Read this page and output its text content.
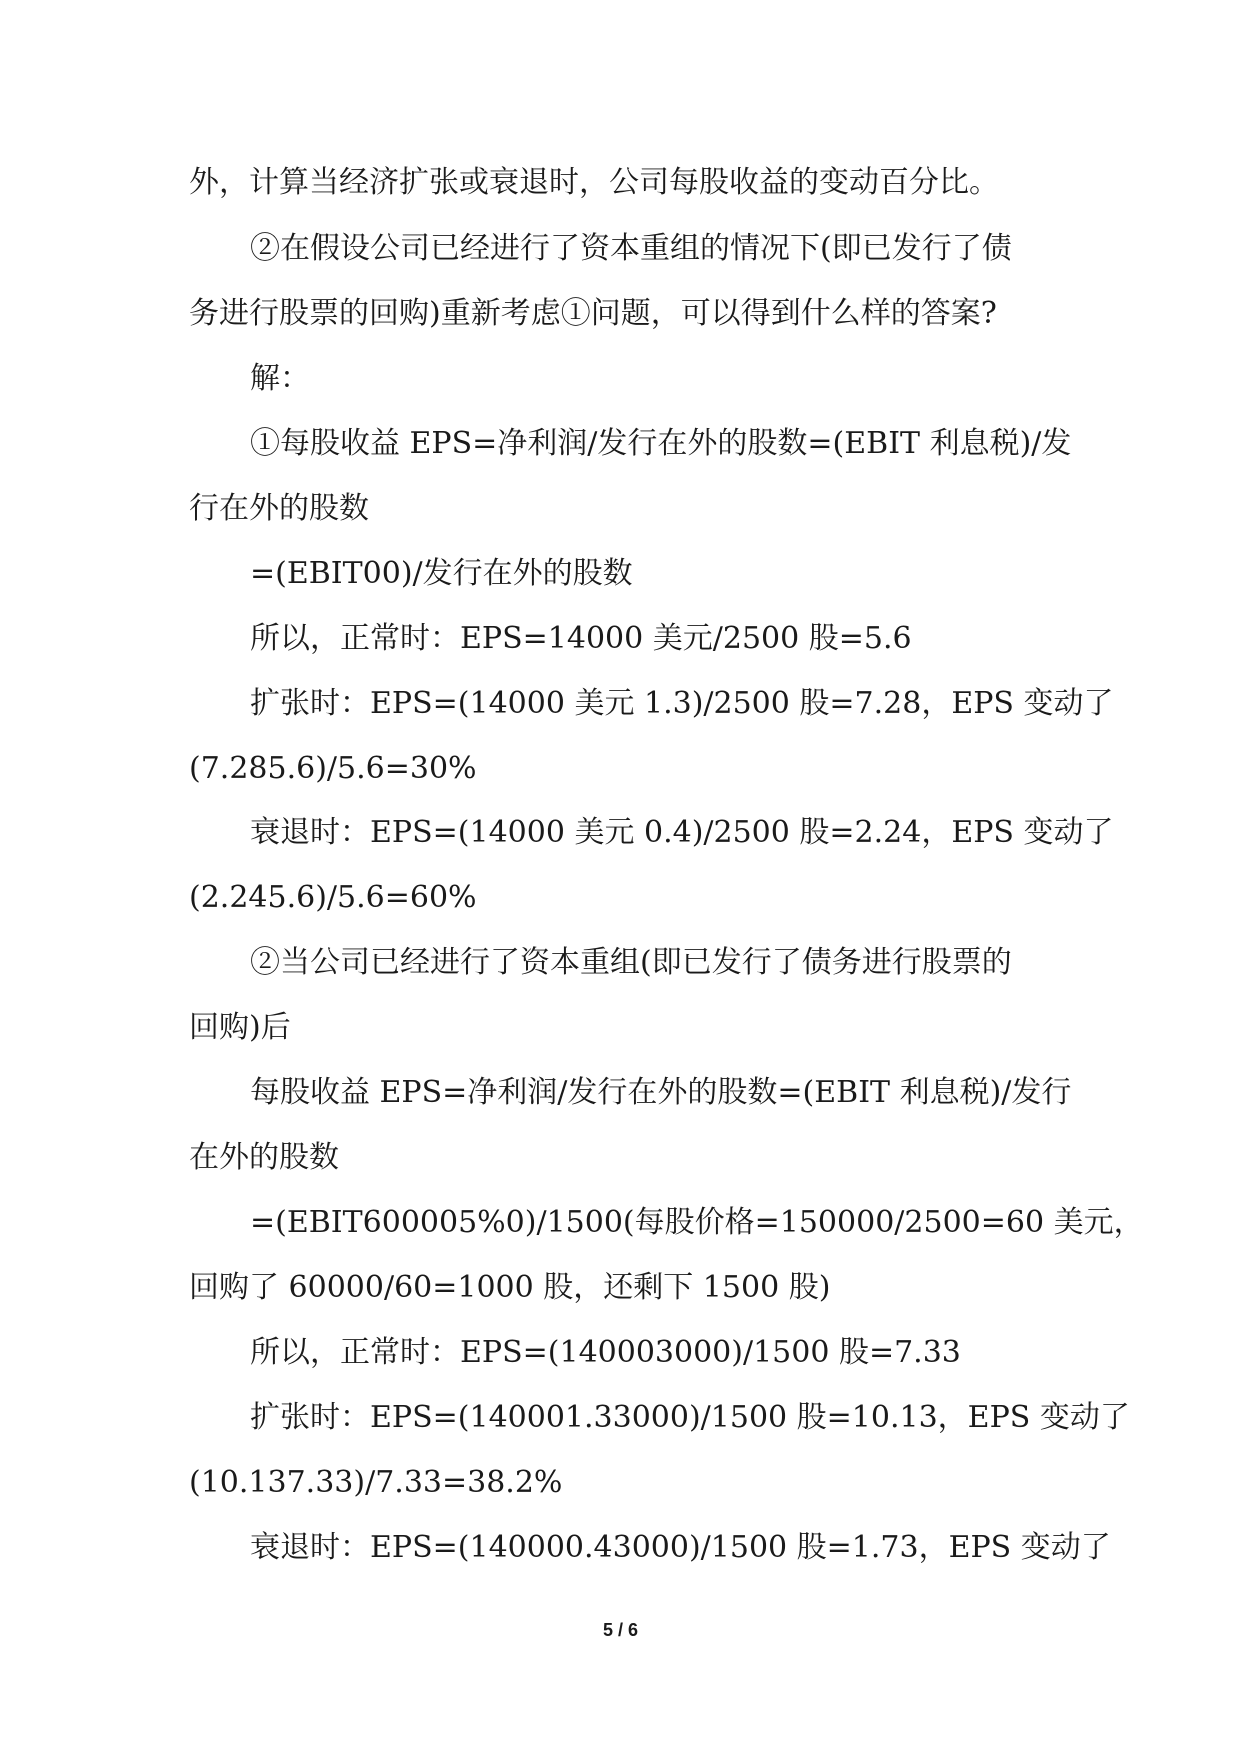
外，计算当经济扩张或衰退时，公司每股收益的变动百分比。
②在假设公司已经进行了资本重组的情况下(即已发行了债
务进行股票的回购)重新考虑①问题，可以得到什么样的答案?
解：
①每股收益 EPS=净利润/发行在外的股数=(EBIT 利息税)/发
行在外的股数
=(EBIT00)/发行在外的股数
所以，正常时：EPS=14000 美元/2500 股=5.6
扩张时：EPS=(14000 美元 1.3)/2500 股=7.28，EPS 变动了
(7.285.6)/5.6=30%
衰退时：EPS=(14000 美元 0.4)/2500 股=2.24，EPS 变动了
(2.245.6)/5.6=60%
②当公司已经进行了资本重组(即已发行了债务进行股票的
回购)后
每股收益 EPS=净利润/发行在外的股数=(EBIT 利息税)/发行
在外的股数
=(EBIT600005%0)/1500(每股价格=150000/2500=60 美元，
回购了 60000/60=1000 股，还剩下 1500 股)
所以，正常时：EPS=(140003000)/1500 股=7.33
扩张时：EPS=(140001.33000)/1500 股=10.13，EPS 变动了
(10.137.33)/7.33=38.2%
衰退时：EPS=(140000.43000)/1500 股=1.73，EPS 变动了
5 / 6
